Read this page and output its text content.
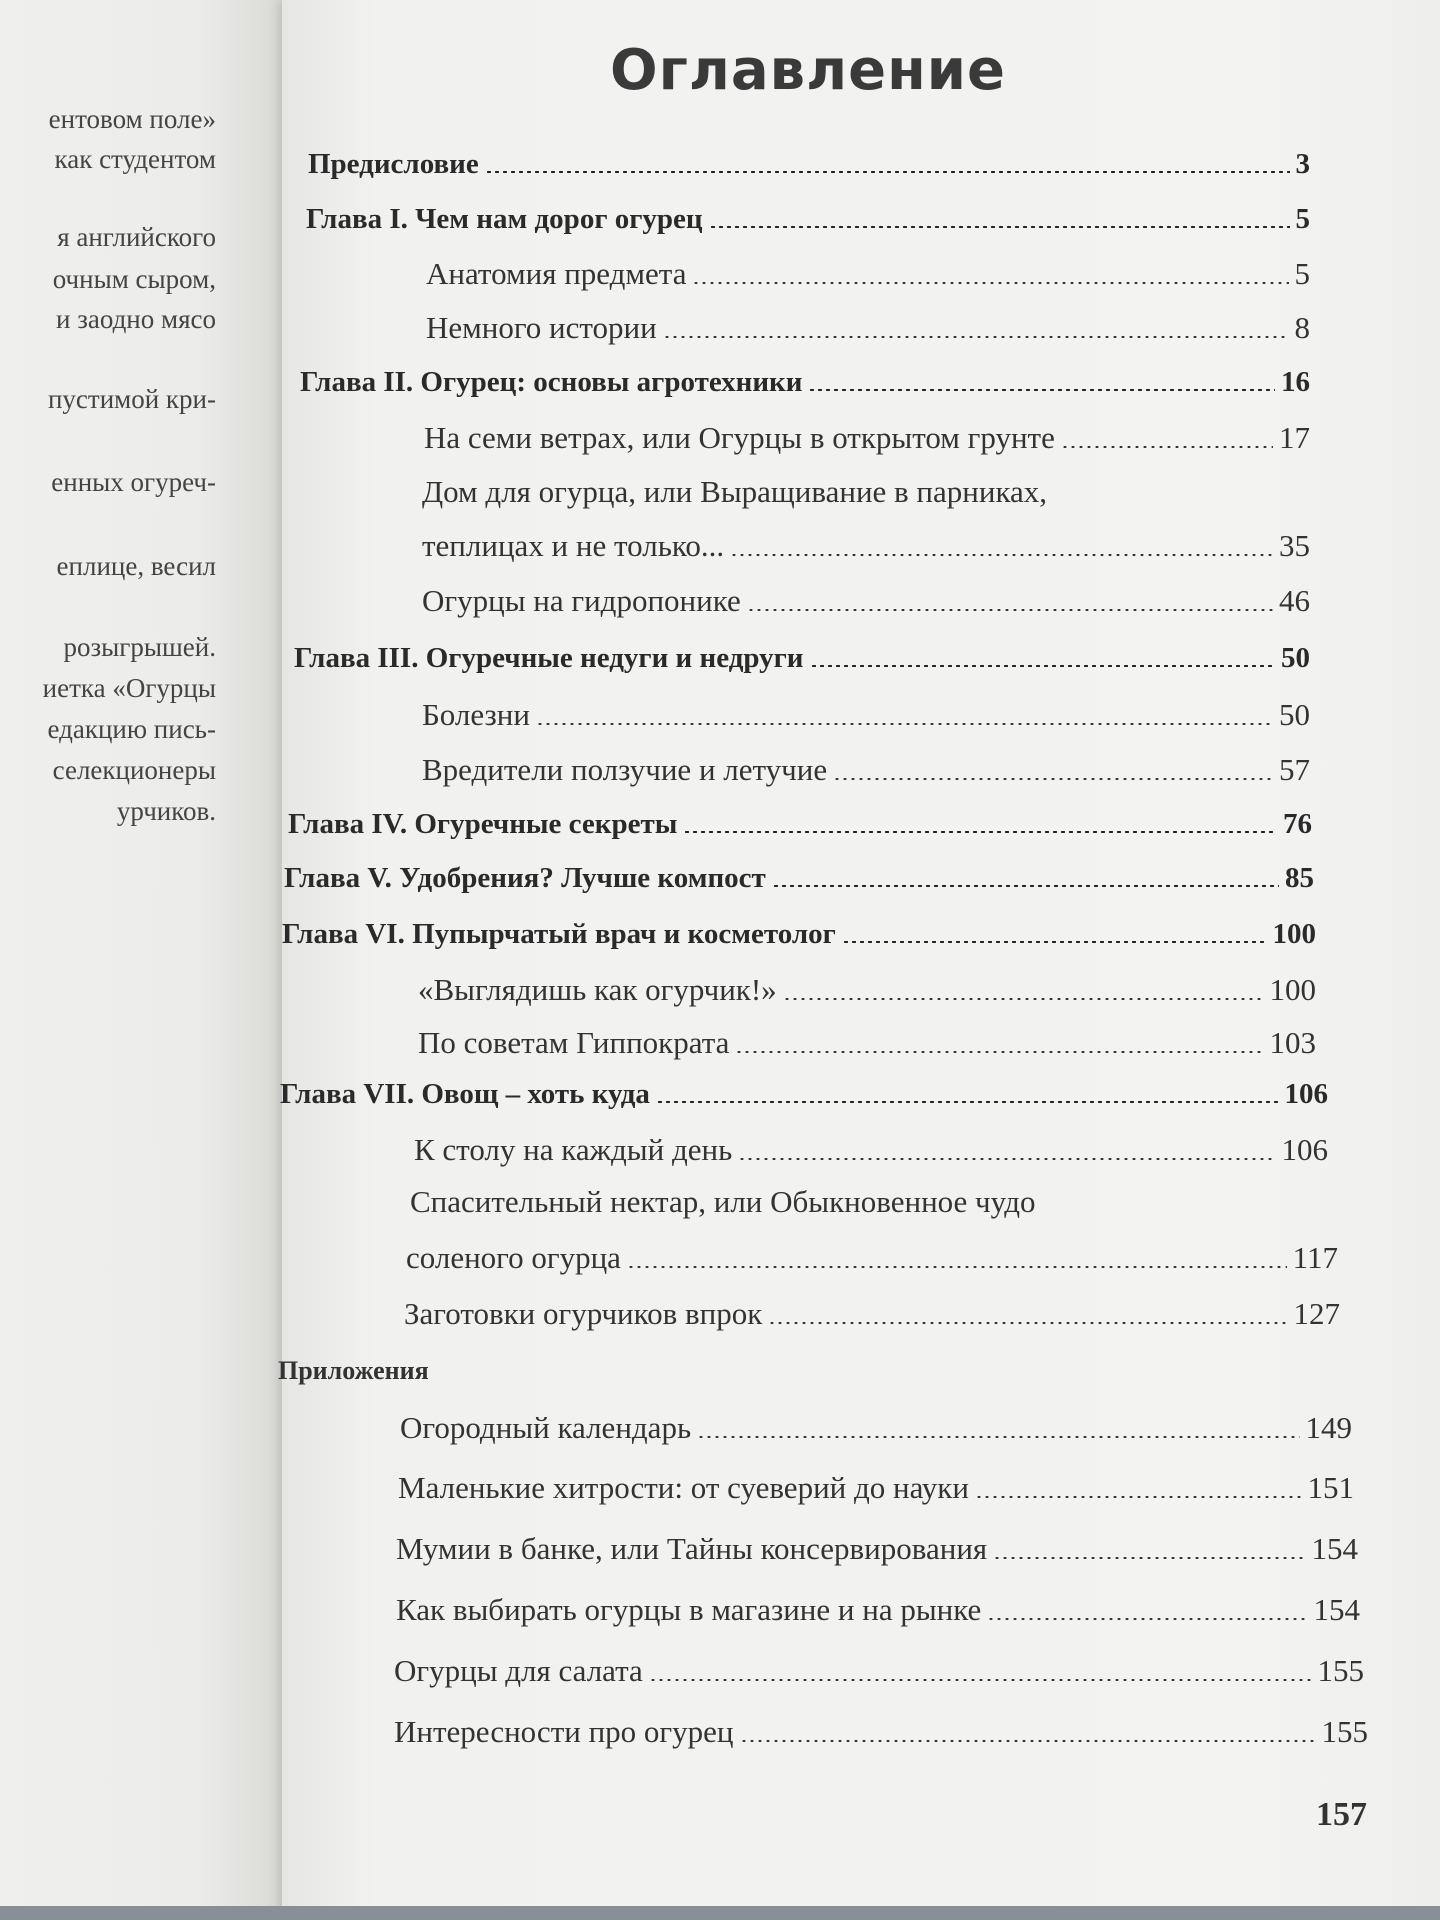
ентовом поле»
как студентом
я английского
очным сыром,
и заодно мясо
пустимой кри-
енных огуреч-
еплице, весил
розыгрышей.
иетка «Огурцы
едакцию пись-
селекционеры
урчиков.
Оглавление
Предисловие	3
Глава I. Чем нам дорог огурец	5
Анатомия предмета	5
Немного истории	8
Глава II. Огурец: основы агротехники	16
На семи ветрах, или Огурцы в открытом грунте	17
Дом для огурца, или Выращивание в парниках,
теплицах и не только...	35
Огурцы на гидропонике	46
Глава III. Огуречные недуги и недруги	50
Болезни	50
Вредители ползучие и летучие	57
Глава IV. Огуречные секреты	76
Глава V. Удобрения? Лучше компост	85
Глава VI. Пупырчатый врач и косметолог	100
«Выглядишь как огурчик!»	100
По советам Гиппократа	103
Глава VII. Овощ – хоть куда	106
К столу на каждый день	106
Спасительный нектар, или Обыкновенное чудо
соленого огурца	117
Заготовки огурчиков впрок	127
Приложения
Огородный календарь	149
Маленькие хитрости: от суеверий до науки	151
Мумии в банке, или Тайны консервирования	154
Как выбирать огурцы в магазине и на рынке	154
Огурцы для салата	155
Интересности про огурец	155
157
